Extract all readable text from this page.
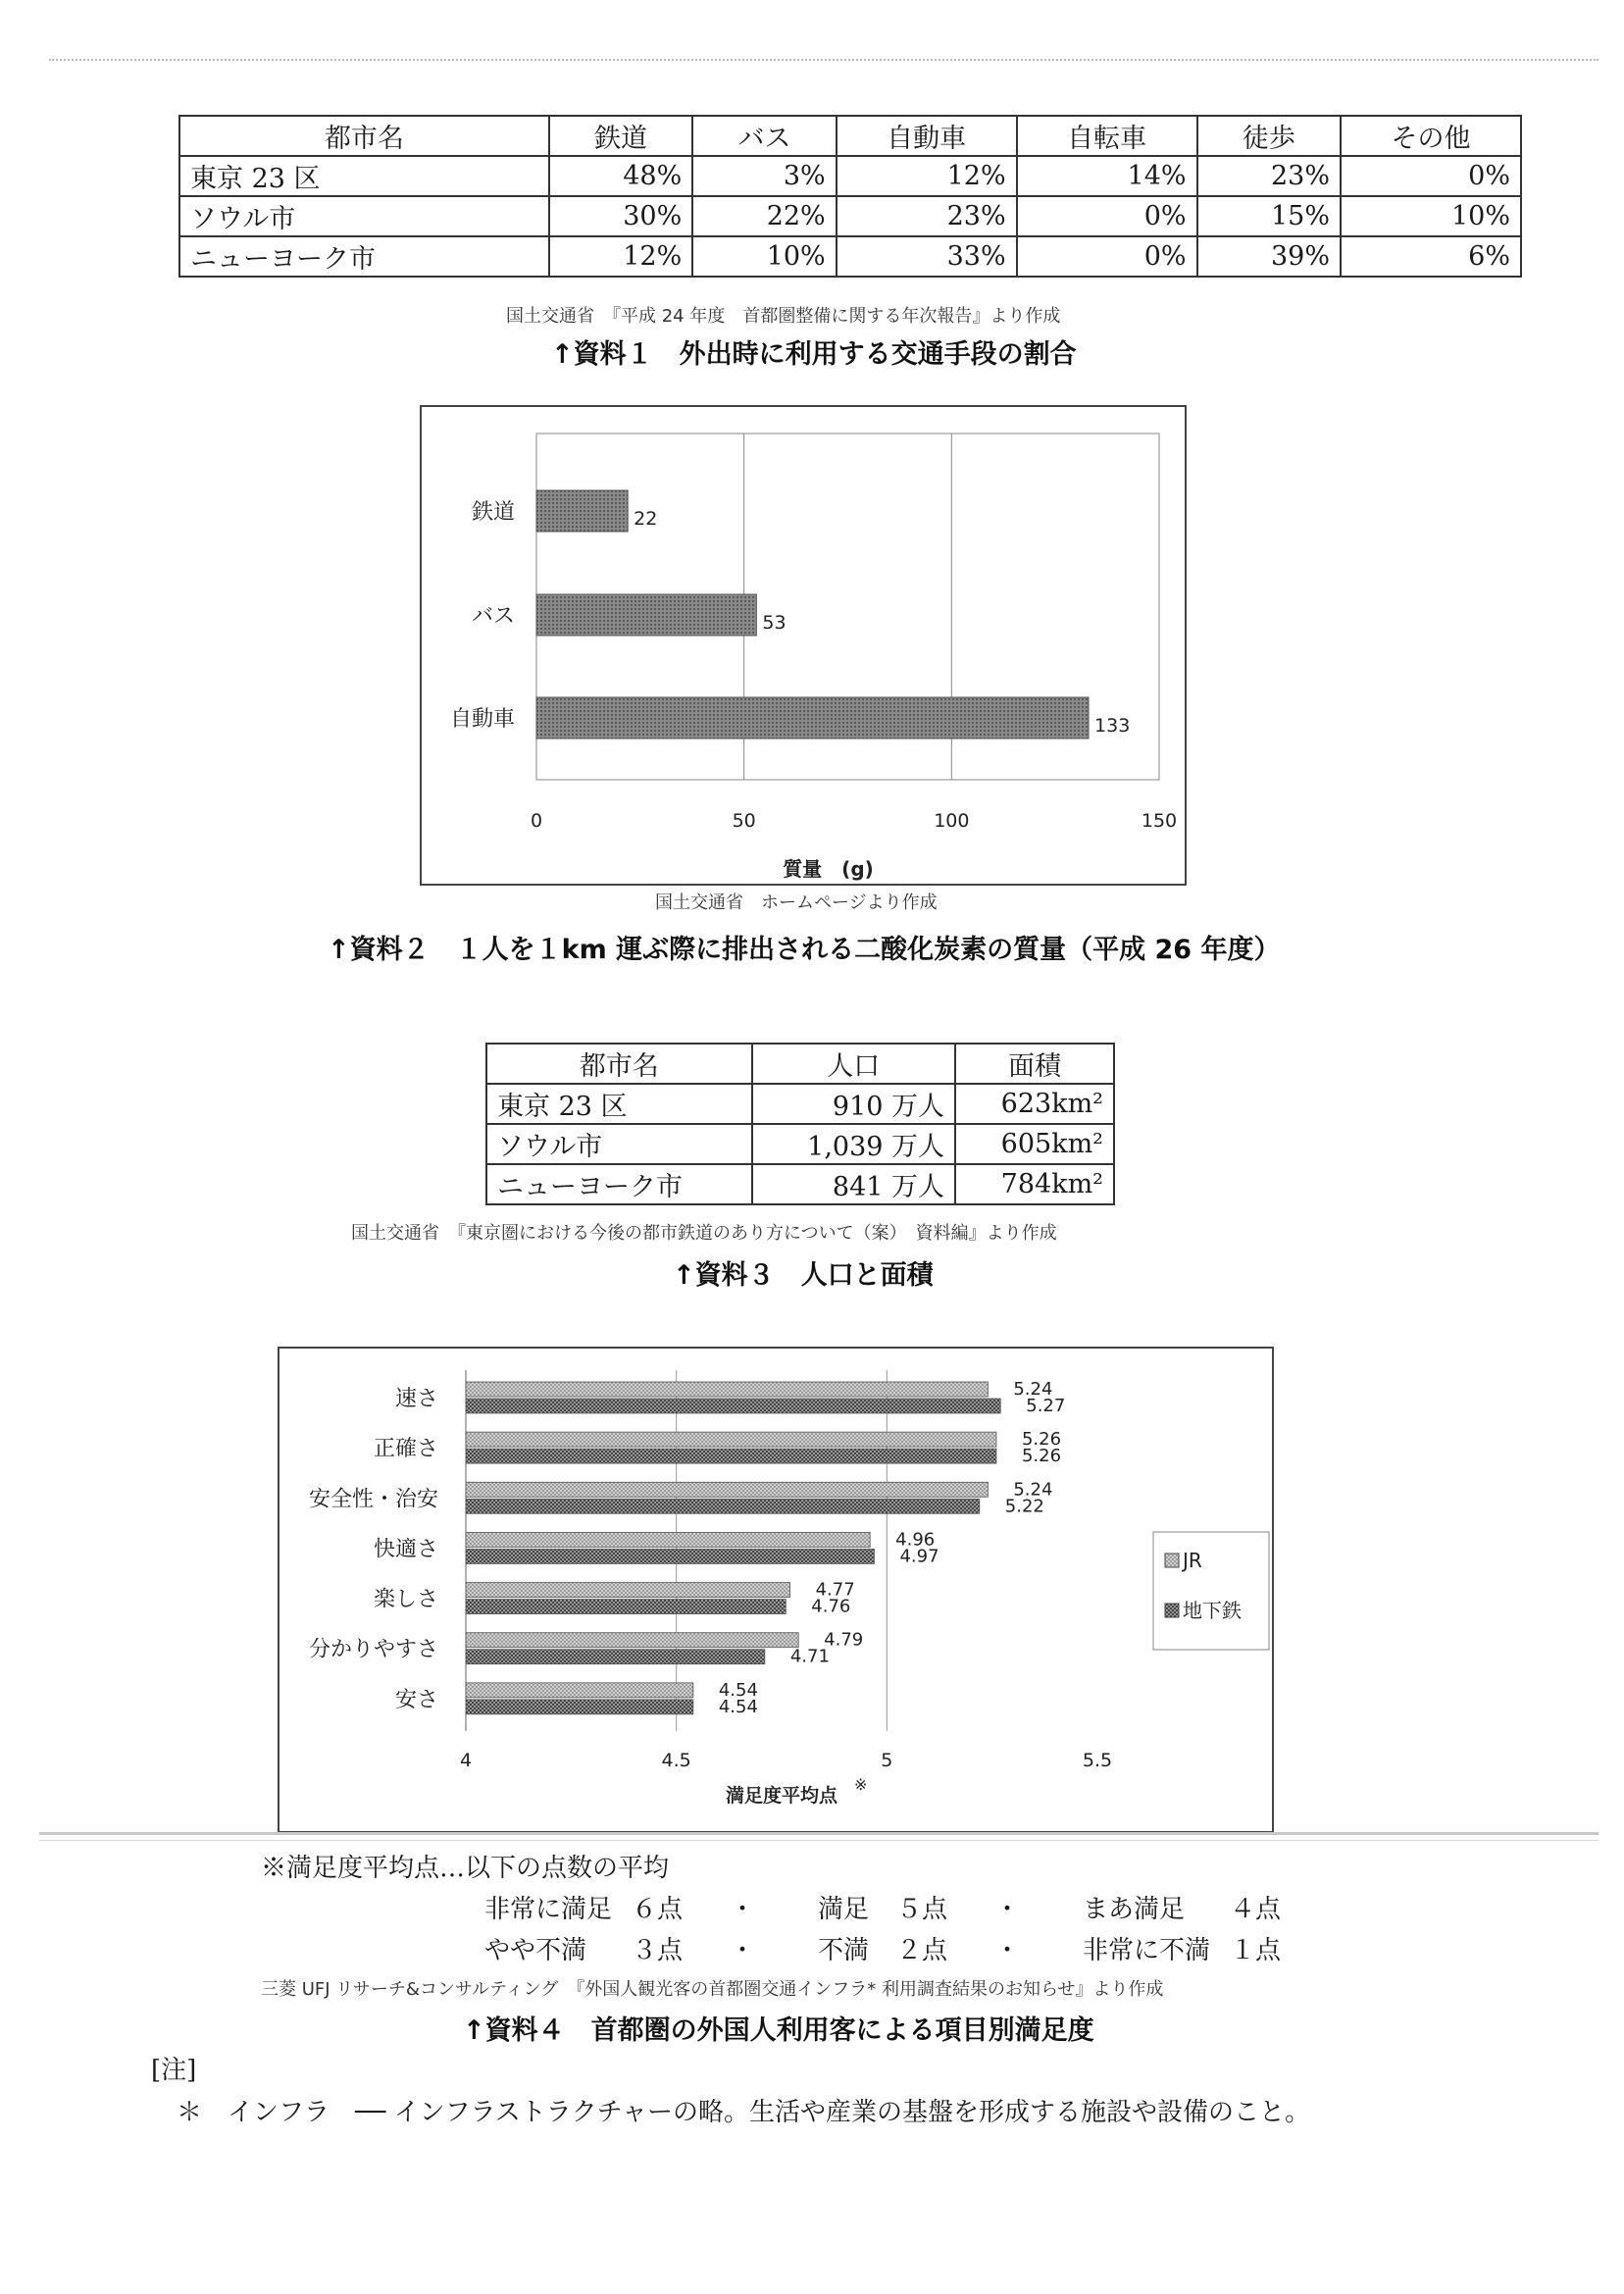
都市名	鉄道	バス	自動車	自転車	徒歩	その他
東京 23 区	48%	3%	12%	14%	23%	0%
ソウル市	30%	22%	23%	0%	15%	10%
ニューヨーク市	12%	10%	33%	0%	39%	6%
国土交通省　『平成 24 年度　首都圏整備に関する年次報告』より作成
↑資料１　外出時に利用する交通手段の割合
0	50	100	150
質量　(g)
鉄道	22
バス	53
自動車	133
国土交通省　ホームページより作成
↑資料２　１人を１km 運ぶ際に排出される二酸化炭素の質量（平成 26 年度）
都市名	人口	面積
東京 23 区	910 万人	623km²
ソウル市	1,039 万人	605km²
ニューヨーク市	841 万人	784km²
国土交通省　『東京圏における今後の都市鉄道のあり方について（案）　資料編』より作成
↑資料３　人口と面積
4	4.5	5	5.5
満足度平均点
※
5.24
5.27
速さ
5.26
5.26
正確さ
5.24
5.22
安全性・治安
4.96
4.97
快適さ
4.77
4.76
楽しさ
4.79
4.71
分かりやすさ
4.54
4.54
安さ
JR
地下鉄
※満足度平均点…以下の点数の平均
非常に満足 ６点	・	満足	５点	・	まあ満足	４点
やや不満	３点	・	不満	２点	・	非常に不満 １点
三菱 UFJ リサーチ&コンサルティング　『外国人観光客の首都圏交通インフラ* 利用調査結果のお知らせ』より作成
↑資料４　首都圏の外国人利用客による項目別満足度
[注]
＊　インフラ　── インフラストラクチャーの略。生活や産業の基盤を形成する施設や設備のこと。
